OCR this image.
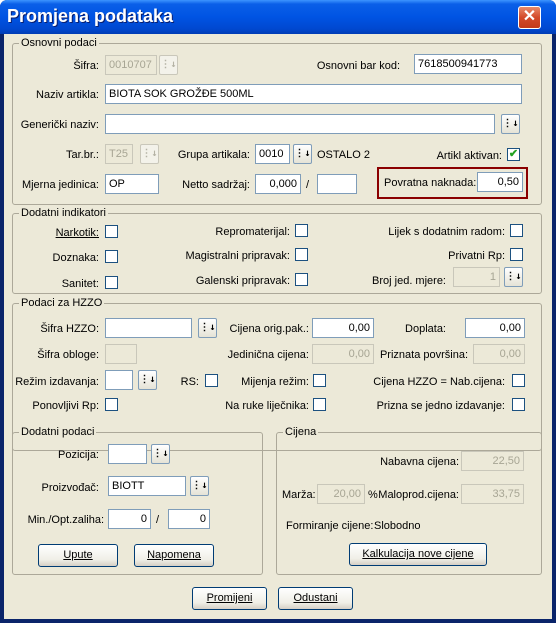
Promjena podataka	✕
Osnovni podaci
Šifra: 0010707 ⋮↓	Osnovni bar kod:	7618500941773
Naziv artikla: BIOTA SOK GROŽĐE 500ML
Generički naziv:	⋮↓
Tar.br.: T25	⋮↓	Grupa artikala: 0010	⋮↓ OSTALO 2	Artikl aktivan: ✔
Mjerna jedinica: OP	Netto sadržaj:	0,000 /	Povratna naknada:	0,50
Dodatni indikatori
Narkotik:	Repromaterijal:	Lijek s dodatnim radom:
Doznaka:	Magistralni pripravak:	Privatni Rp:
Sanitet:	Galenski pripravak:	Broj jed. mjere:	1 ⋮↓
Podaci za HZZO
Šifra HZZO:	⋮↓	Cijena orig.pak.:	0,00	Doplata:	0,00
Šifra obloge:	Jedinična cijena:	0,00 Priznata površina:	0,00
Režim izdavanja:	⋮↓	RS:	Mijenja režim:	Cijena HZZO = Nab.cijena:
Ponovljivi Rp:	Na ruke liječnika:	Prizna se jedno izdavanje:
Dodatni podaci
Pozicija:	⋮↓
Proizvođač:	BIOTT	⋮↓
Min./Opt.zaliha:	0 /	0
Upute	Napomena
Cijena
Nabavna cijena:	22,50
Marža:	20,00 % Maloprod.cijena:	33,75
Formiranje cijene: Slobodno
Kalkulacija nove cijene
Promijeni	Odustani
